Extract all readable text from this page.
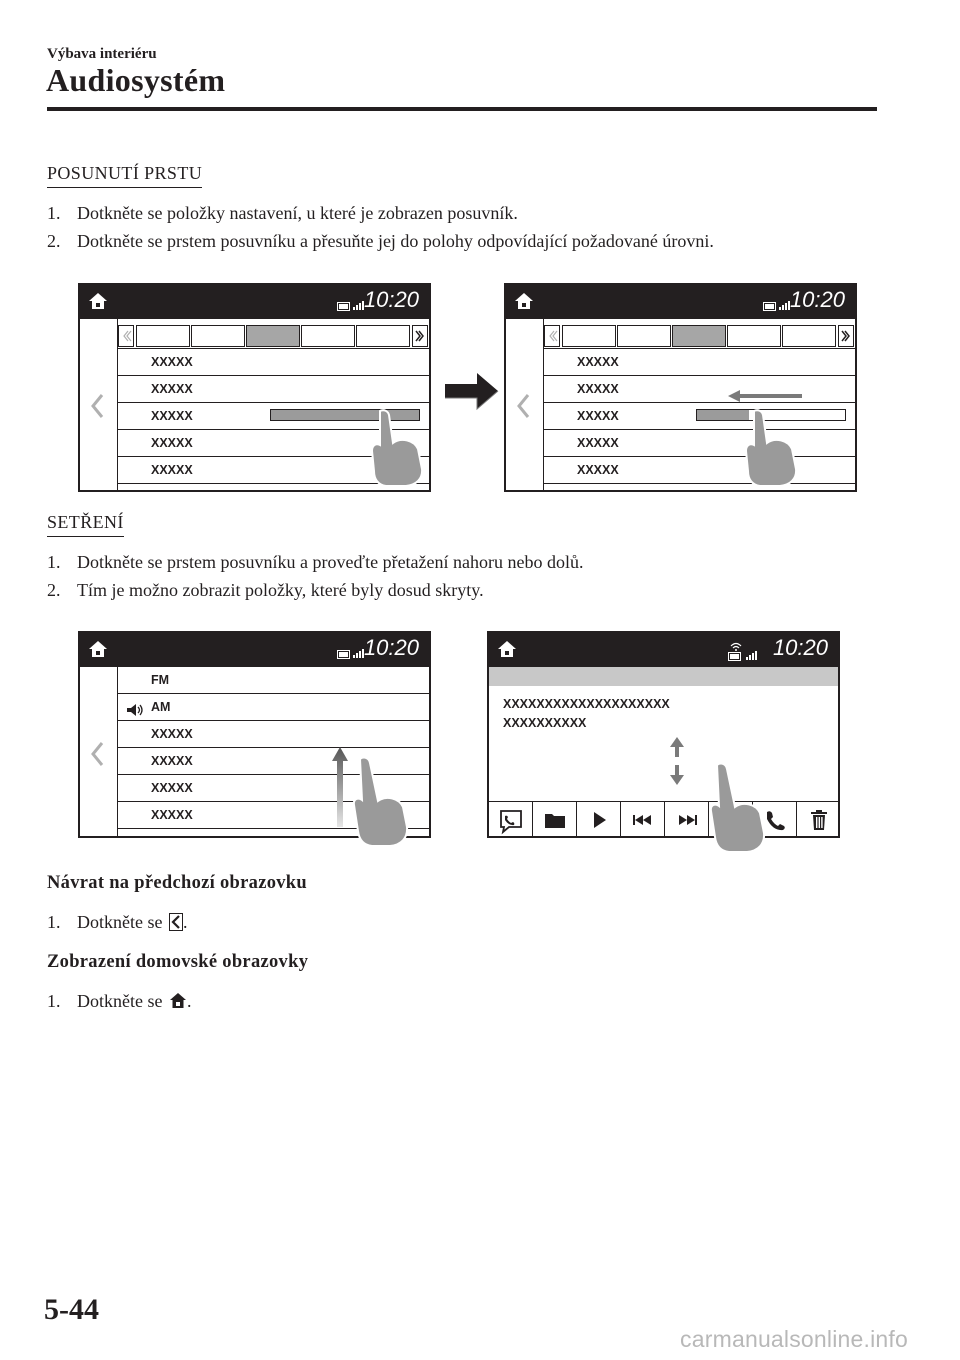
Výbava interiéru
Audiosystém
POSUNUTÍ PRSTU
1. Dotkněte se položky nastavení, u které je zobrazen posuvník.
2. Dotkněte se prstem posuvníku a přesuňte jej do polohy odpovídající požadované úrovni.
10:20
XXXXX
XXXXX
XXXXX
XXXXX
XXXXX
10:20
XXXXX
XXXXX
XXXXX
XXXXX
XXXXX
SETŘENÍ
1. Dotkněte se prstem posuvníku a proveďte přetažení nahoru nebo dolů.
2. Tím je možno zobrazit položky, které byly dosud skryty.
10:20
FM
AM
XXXXX
XXXXX
XXXXX
XXXXX
10:20
XXXXXXXXXXXXXXXXXXXX
XXXXXXXXXX
Návrat na předchozí obrazovku
1. Dotkněte se .
Zobrazení domovské obrazovky
1. Dotkněte se .
5-44
carmanualsonline.info
